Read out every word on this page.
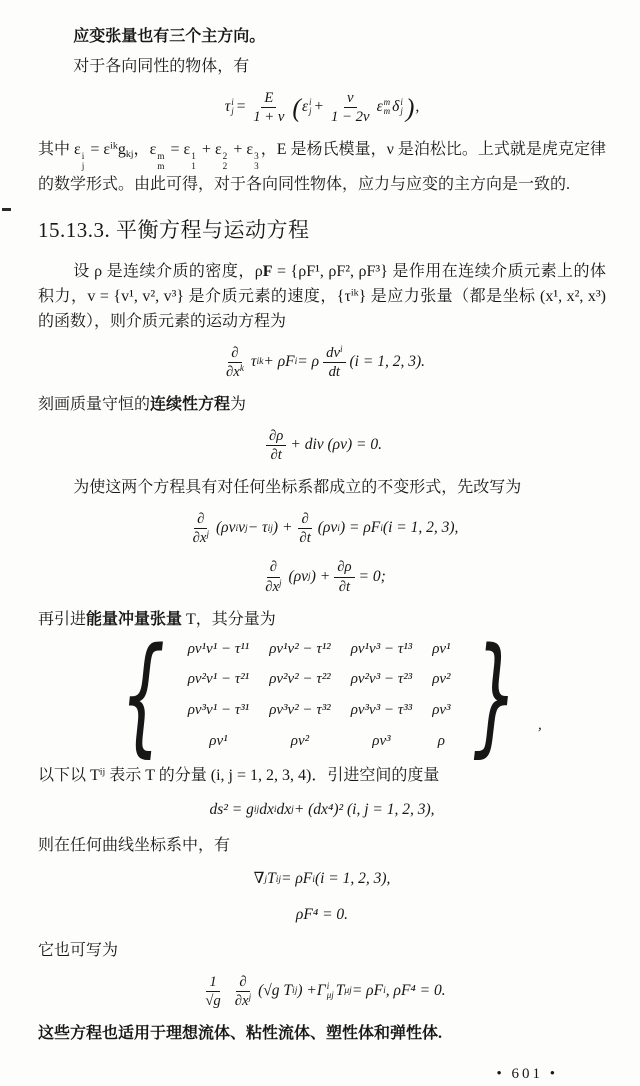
应变张量也有三个主方向。

对于各向同性的物体，有

τ i
$j = \frac{E}{1 + \nu}$ ( ε i
$j + \frac{\nu}{1 - 2\nu}$ ε m
m δ i
j ) ,

其中 ε i
j
= $\varepsilon^{ik}g_{kj}$，ε m
m
= ε 1
1
+ ε 2
2
+ ε 3
3
，E 是杨氏模量，ν 是泊松比。上式就是虎克定律的数学形式。由此可得，对于各向同性物体，应力与应变的主方向是一致的.

15.13.3. 平衡方程与运动方程

设 ρ 是连续介质的密度，ρF = {ρF¹, ρF², ρF³} 是作用在连续介质元素上的体积力，v = {v¹, v², v³} 是介质元素的速度，$\{\tau^{ik}\}$ 是应力张量（都是坐标 (x¹, x², x³) 的函数），则介质元素的运动方程为

$\frac{\partial}{\partial x^k}$ τ ik + ρF i = ρ $\frac{dv^i}{dt} (i = 1$, 2, 3).

刻画质量守恒的连续性方程为

$\frac{\partial\rho}{\partial t}$ + div (ρv) = 0.

为使这两个方程具有对任何坐标系都成立的不变形式，先改写为

$\frac{\partial}{\partial x^j} (\rho v$ i v j − τ ij ) + $\frac{\partial}{\partial t} (\rho v$ i ) = ρF i (i = 1, 2, 3),
$\frac{\partial}{\partial x^j} (\rho v$ j ) + $\frac{\partial\rho}{\partial t} = 0$;

再引进能量冲量张量 T，其分量为

{ ρv¹v¹ − τ¹¹ ρv¹v² − τ¹² ρv¹v³ − τ¹³ ρv¹
ρv²v¹ − τ²¹ ρv²v² − τ²² ρv²v³ − τ²³ ρv²
ρv³v¹ − τ³¹ ρv³v² − τ³² ρv³v³ − τ³³ ρv³
ρv¹	ρv²	ρv³	ρ } ,

以下以 $T^{ij}$ 表示 T 的分量 (i, j = 1, 2, 3, 4)．引进空间的度量

ds² = g ij dx i dx j + (dx⁴)² (i, j = 1, 2, 3),

则在任何曲线坐标系中，有

∇ j T ij = ρF i (i = 1, 2, 3),
ρF⁴ = 0.

它也可写为

$\frac{1}{√g} \frac{\partial}{\partial x^j} (√g$ T ij ) + Γ i
μj T μj = ρF i , ρF⁴ = 0.

这些方程也适用于理想流体、粘性流体、塑性体和弹性体.

• 601 •
